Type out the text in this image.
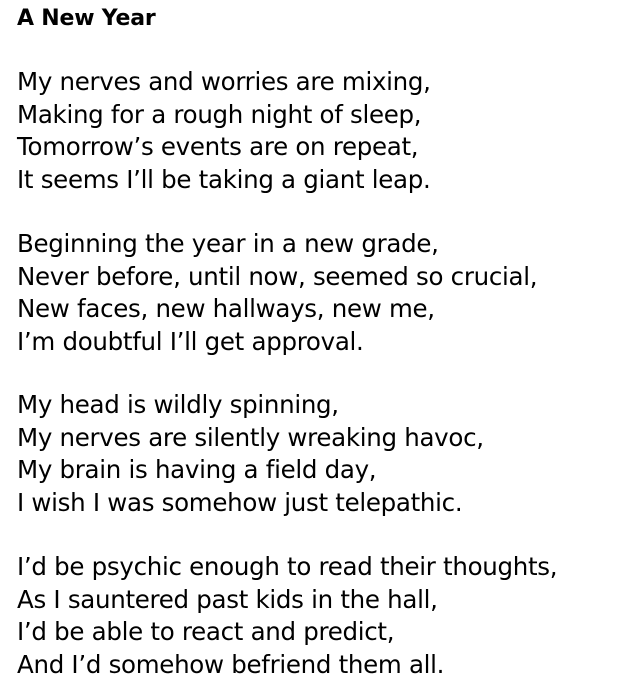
A New Year
My nerves and worries are mixing,
Making for a rough night of sleep,
Tomorrow’s events are on repeat,
It seems I’ll be taking a giant leap.
Beginning the year in a new grade,
Never before, until now, seemed so crucial,
New faces, new hallways, new me,
I’m doubtful I’ll get approval.
My head is wildly spinning,
My nerves are silently wreaking havoc,
My brain is having a field day,
I wish I was somehow just telepathic.
I’d be psychic enough to read their thoughts,
As I sauntered past kids in the hall,
I’d be able to react and predict,
And I’d somehow befriend them all.
